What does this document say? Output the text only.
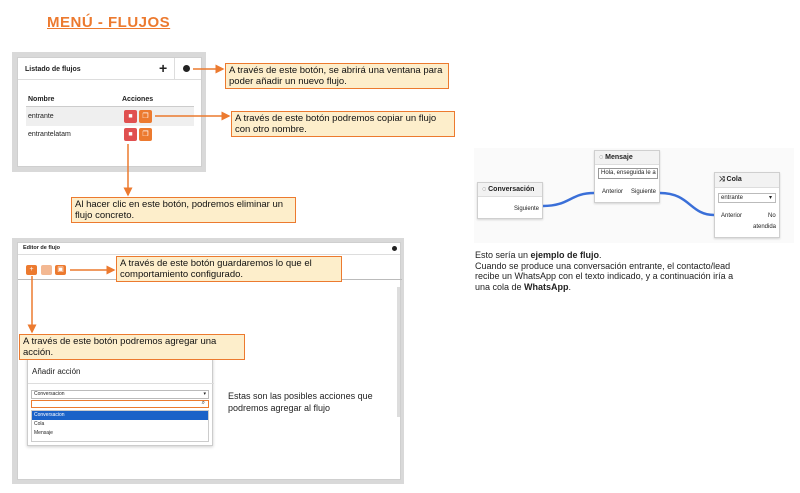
MENÚ - FLUJOS
Listado de flujos	+
Nombre	Acciones
entrante	■	❐
entrantelatam	■	❐
A través de este botón, se abrirá una ventana para poder añadir un nuevo flujo.
A través de este botón podremos copiar un flujo con otro nombre.
Al hacer clic en este botón, podremos eliminar un flujo concreto.
Editor de flujo
+	▣
Añadir acción
Conversacion	▾
⌕
Conversacion
Cola
Mensaje
A través de este botón guardaremos lo que el comportamiento configurado.
A través de este botón podremos agregar una acción.
Estas son las posibles acciones que podremos agregar al flujo
◌ Conversación
Siguiente
◌ Mensaje
Hola, enseguida le a
Anterior Siguiente
⤨ Cola
entrante	▾
Anterior	No
atendida
Esto sería un ejemplo de flujo.
Cuando se produce una conversación entrante, el contacto/lead
recibe un WhatsApp con el texto indicado, y a continuación iría a
una cola de WhatsApp.
